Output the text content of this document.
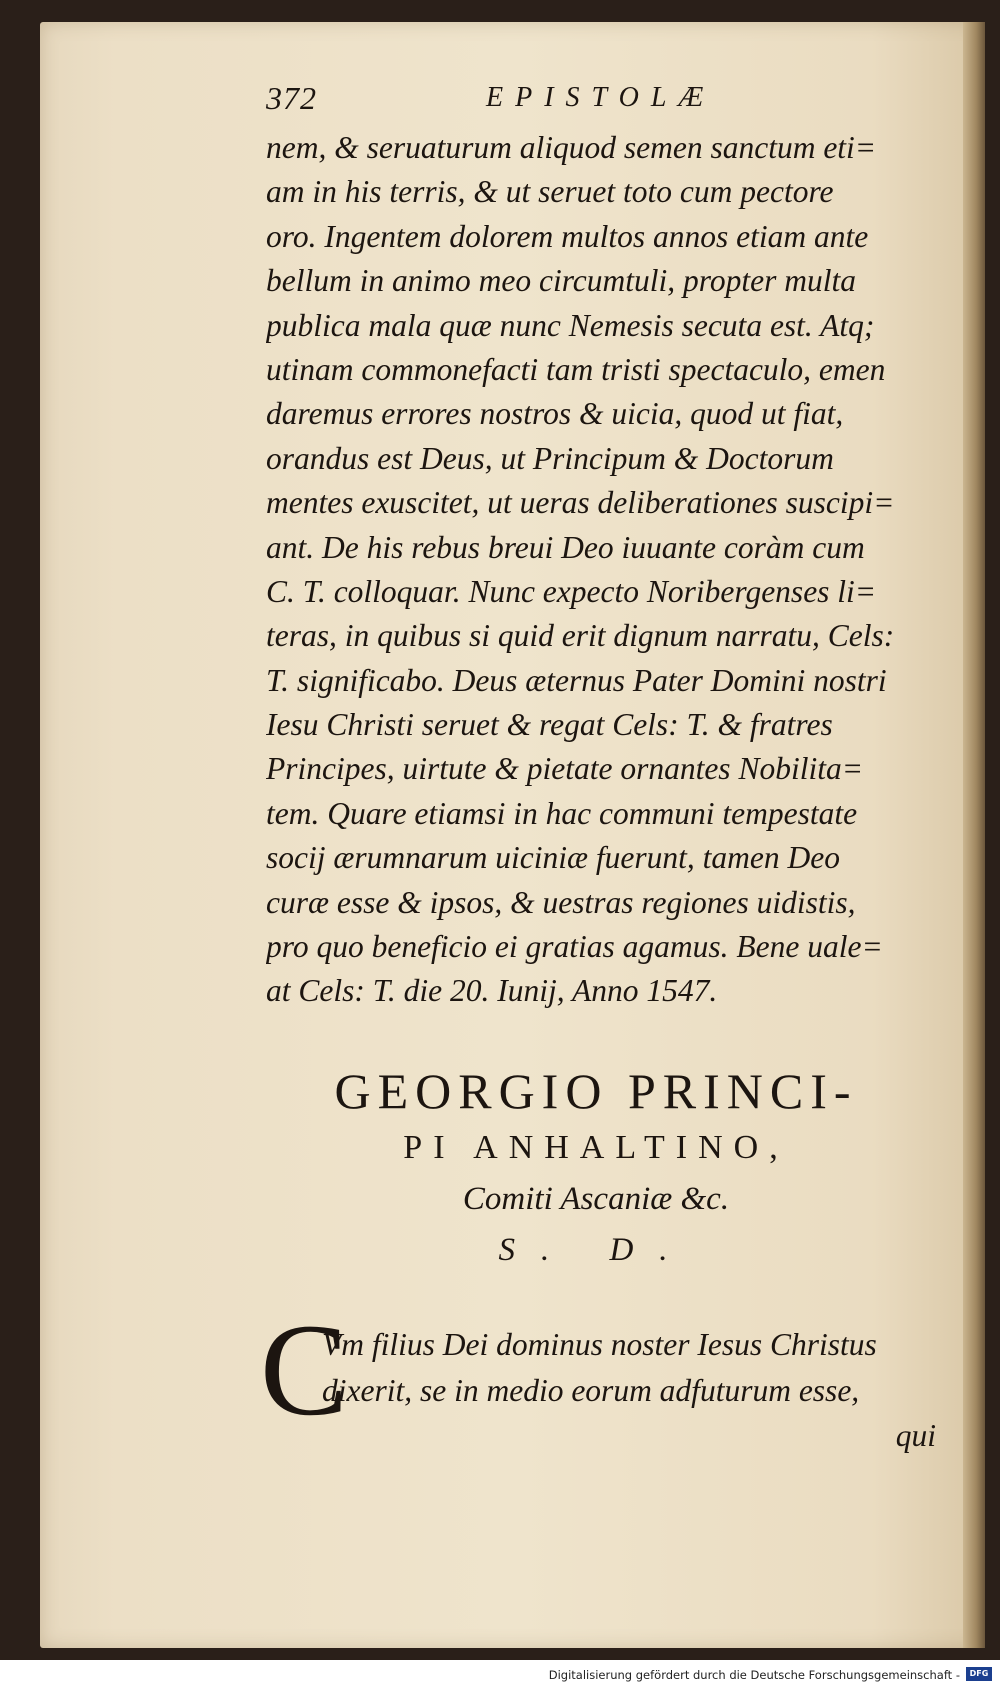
372	EPISTOLÆ
nem, & seruaturum aliquod semen sanctum eti=
am in his terris, & ut seruet toto cum pectore
oro. Ingentem dolorem multos annos etiam ante
bellum in animo meo circumtuli, propter multa
publica mala quæ nunc Nemesis secuta est. Atq;
utinam commonefacti tam tristi spectaculo, emen
daremus errores nostros & uicia, quod ut fiat,
orandus est Deus, ut Principum & Doctorum
mentes exuscitet, ut ueras deliberationes suscipi=
ant. De his rebus breui Deo iuuante coràm cum
C. T. colloquar. Nunc expecto Noribergenses li=
teras, in quibus si quid erit dignum narratu, Cels:
T. significabo. Deus æternus Pater Domini nostri
Iesu Christi seruet & regat Cels: T. & fratres
Principes, uirtute & pietate ornantes Nobilita=
tem. Quare etiamsi in hac communi tempestate
socij ærumnarum uiciniæ fuerunt, tamen Deo
curæ esse & ipsos, & uestras regiones uidistis,
pro quo beneficio ei gratias agamus. Bene uale=
at Cels: T. die 20. Iunij, Anno 1547.
GEORGIO PRINCI-
PI ANHALTINO,
Comiti Ascaniæ &c.
S. D.
C
Vm filius Dei dominus noster Iesus Christus
dixerit, se in medio eorum adfuturum esse,
qui
Digitalisierung gefördert durch die Deutsche Forschungsgemeinschaft -	DFG
